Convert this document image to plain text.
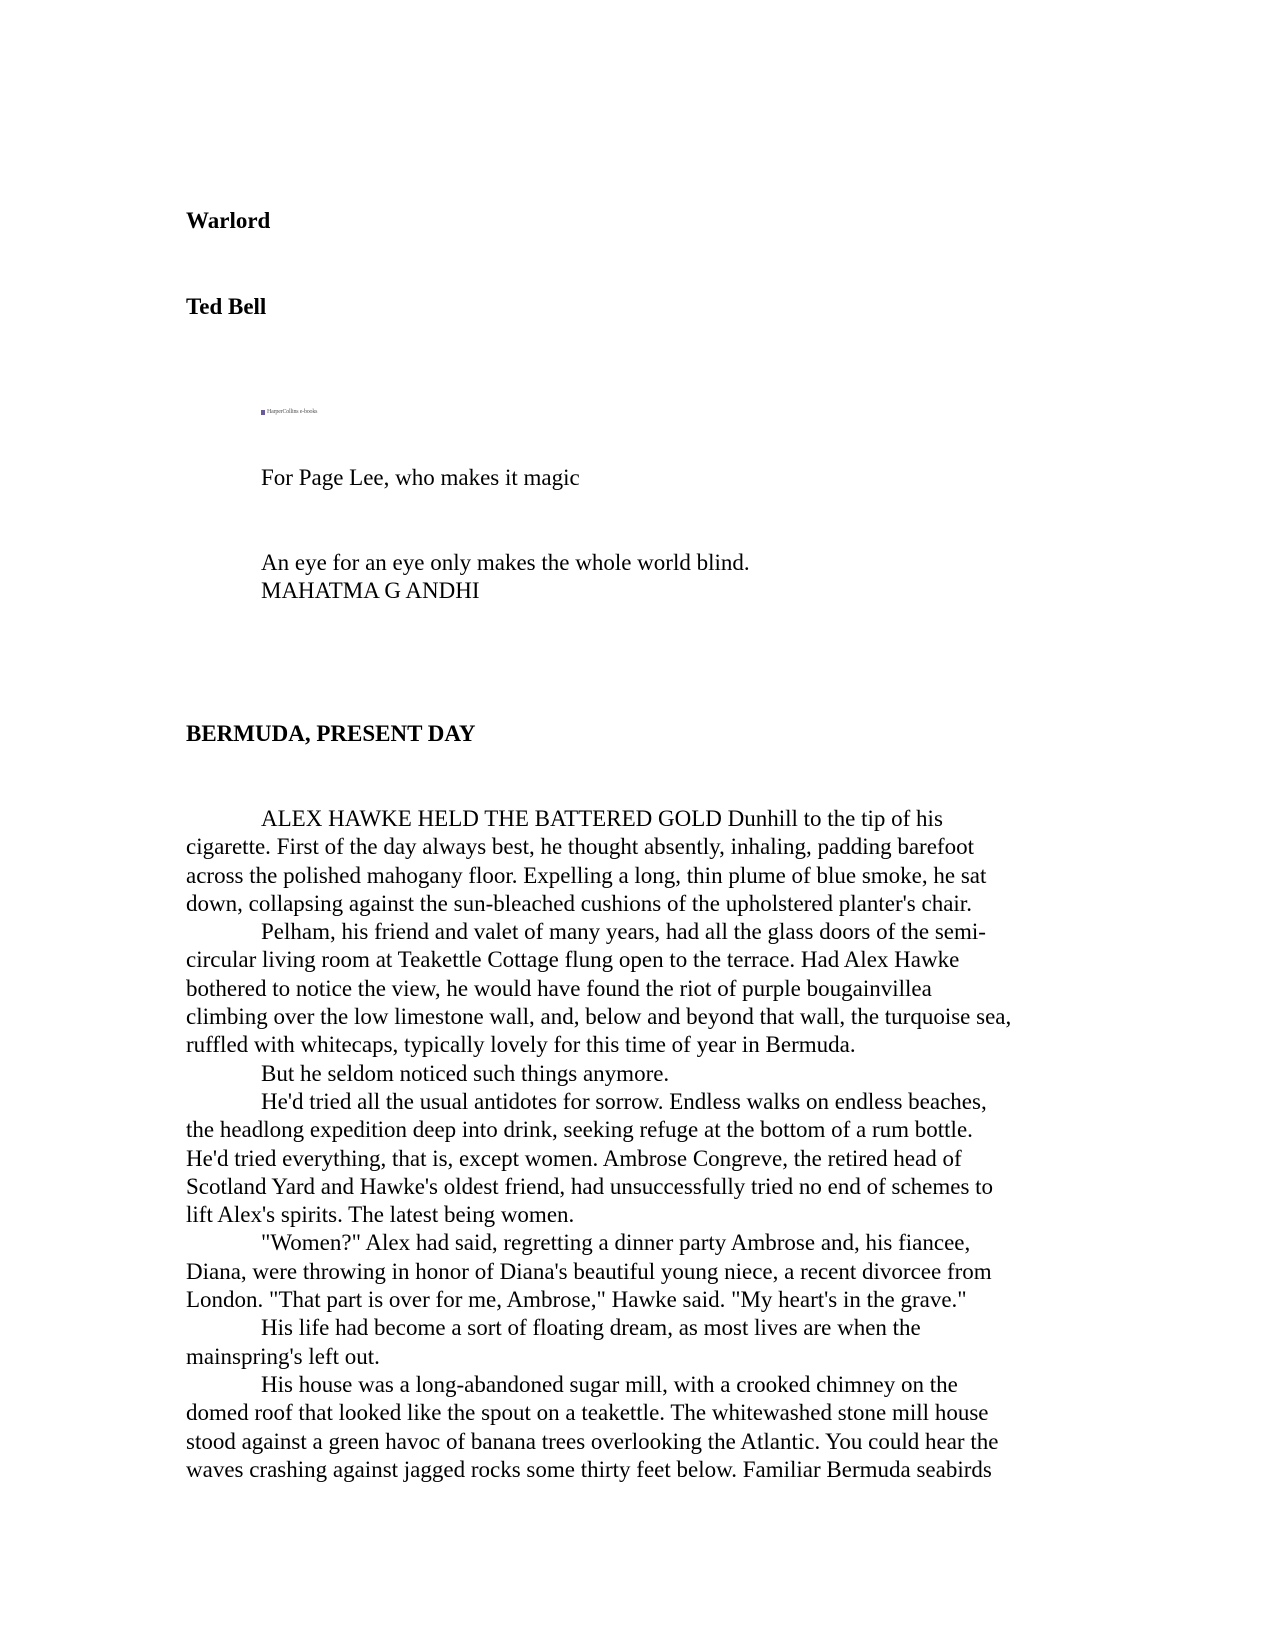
Warlord
Ted Bell
HarperCollins e-books

For Page Lee, who makes it magic

An eye for an eye only makes the whole world blind.
MAHATMA G ANDHI

BERMUDA, PRESENT DAY
ALEX HAWKE HELD THE BATTERED GOLD Dunhill to the tip of his
cigarette. First of the day always best, he thought absently, inhaling, padding barefoot
across the polished mahogany floor. Expelling a long, thin plume of blue smoke, he sat
down, collapsing against the sun-bleached cushions of the upholstered planter's chair.
Pelham, his friend and valet of many years, had all the glass doors of the semi-
circular living room at Teakettle Cottage flung open to the terrace. Had Alex Hawke
bothered to notice the view, he would have found the riot of purple bougainvillea
climbing over the low limestone wall, and, below and beyond that wall, the turquoise sea,
ruffled with whitecaps, typically lovely for this time of year in Bermuda.
But he seldom noticed such things anymore.
He'd tried all the usual antidotes for sorrow. Endless walks on endless beaches,
the headlong expedition deep into drink, seeking refuge at the bottom of a rum bottle.
He'd tried everything, that is, except women. Ambrose Congreve, the retired head of
Scotland Yard and Hawke's oldest friend, had unsuccessfully tried no end of schemes to
lift Alex's spirits. The latest being women.
"Women?" Alex had said, regretting a dinner party Ambrose and, his fiancee,
Diana, were throwing in honor of Diana's beautiful young niece, a recent divorcee from
London. "That part is over for me, Ambrose," Hawke said. "My heart's in the grave."
His life had become a sort of floating dream, as most lives are when the
mainspring's left out.
His house was a long-abandoned sugar mill, with a crooked chimney on the
domed roof that looked like the spout on a teakettle. The whitewashed stone mill house
stood against a green havoc of banana trees overlooking the Atlantic. You could hear the
waves crashing against jagged rocks some thirty feet below. Familiar Bermuda seabirds
